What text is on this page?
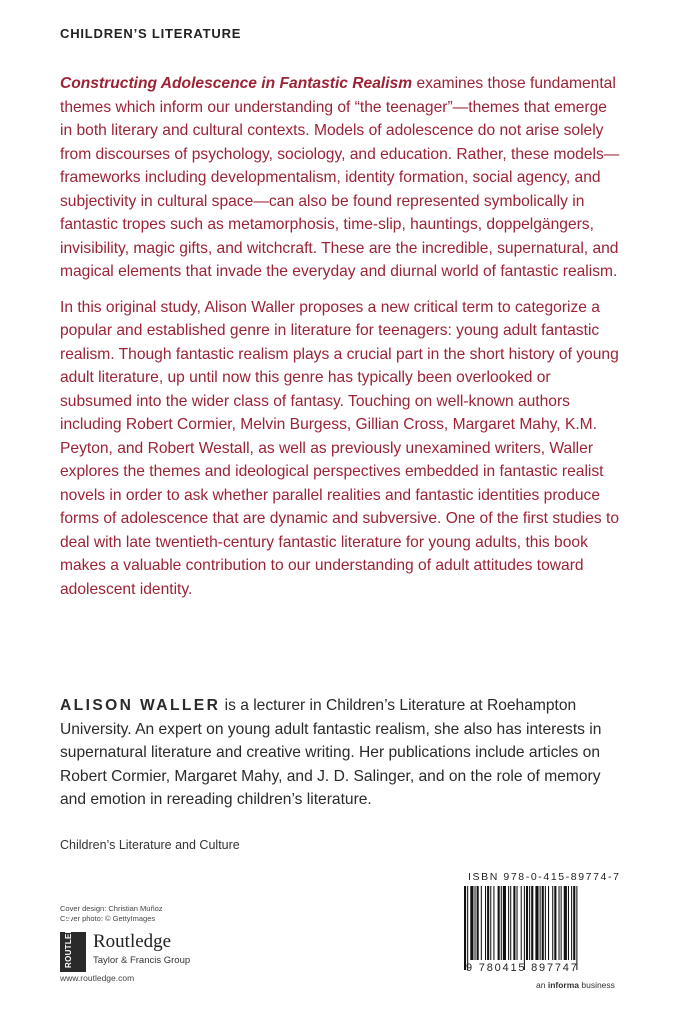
CHILDREN’S LITERATURE

Constructing Adolescence in Fantastic Realism examines those fundamental themes which inform our understanding of “the teenager”—themes that emerge in both literary and cultural contexts. Models of adolescence do not arise solely from discourses of psychology, sociology, and education. Rather, these models—frameworks including developmentalism, identity formation, social agency, and subjectivity in cultural space—can also be found represented symbolically in fantastic tropes such as metamorphosis, time-slip, hauntings, doppelgängers, invisibility, magic gifts, and witchcraft. These are the incredible, supernatural, and magical elements that invade the everyday and diurnal world of fantastic realism.

In this original study, Alison Waller proposes a new critical term to categorize a popular and established genre in literature for teenagers: young adult fantastic realism. Though fantastic realism plays a crucial part in the short history of young adult literature, up until now this genre has typically been overlooked or subsumed into the wider class of fantasy. Touching on well-known authors including Robert Cormier, Melvin Burgess, Gillian Cross, Margaret Mahy, K.M. Peyton, and Robert Westall, as well as previously unexamined writers, Waller explores the themes and ideological perspectives embedded in fantastic realist novels in order to ask whether parallel realities and fantastic identities produce forms of adolescence that are dynamic and subversive. One of the first studies to deal with late twentieth-century fantastic literature for young adults, this book makes a valuable contribution to our understanding of adult attitudes toward adolescent identity.

ALISON WALLER is a lecturer in Children’s Literature at Roehampton University. An expert on young adult fantastic realism, she also has interests in supernatural literature and creative writing. Her publications include articles on Robert Cormier, Margaret Mahy, and J. D. Salinger, and on the role of memory and emotion in rereading children’s literature.
Children’s Literature and Culture
Cover design: Christian Muñoz
Cover photo: © GettyImages
ROUTLEDGE Routledge
Taylor & Francis Group
www.routledge.com
ISBN 978-0-415-89774-7
9 780415 897747
an informa business
